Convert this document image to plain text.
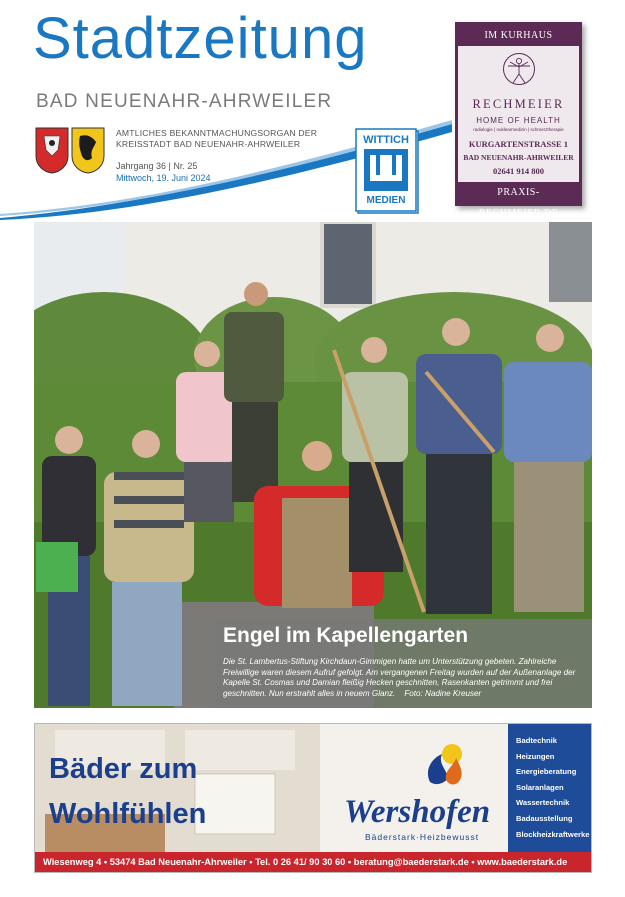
Stadtzeitung
BAD NEUENAHR-AHRWEILER
AMTLICHES BEKANNTMACHUNGSORGAN DER
KREISSTADT BAD NEUENAHR-AHRWEILER
Jahrgang 36 | Nr. 25
Mittwoch, 19. Juni 2024
WITTICH
MEDIEN
IM KURHAUS
RECHMEIER
HOME OF HEALTH
radiologie | nuklearmedizin | schmerztherapie
KURGARTENSTRASSE 1
BAD NEUENAHR-AHRWEILER
02641 914 800
PRAXIS-RECHMEIER.DE
Engel im Kapellengarten
Die St. Lambertus-Stiftung Kirchdaun-Gimmigen hatte um Unterstützung gebeten. Zahlreiche Freiwillige waren diesem Aufruf gefolgt. Am vergangenen Freitag wurden auf der Außenanlage der Kapelle St. Cosmas und Damian fleißig Hecken geschnitten, Rasenkanten getrimmt und frei geschnitten. Nun erstrahlt alles in neuem Glanz. Foto: Nadine Kreuser
Bäder zum
Wohlfühlen	Wershofen
Bäderstark·Heizbewusst
Badtechnik
Heizungen
Energieberatung
Solaranlagen
Wassertechnik
Badausstellung
Blockheizkraftwerke
Wiesenweg 4 • 53474 Bad Neuenahr-Ahrweiler • Tel. 0 26 41/ 90 30 60 • beratung@baederstark.de • www.baederstark.de
